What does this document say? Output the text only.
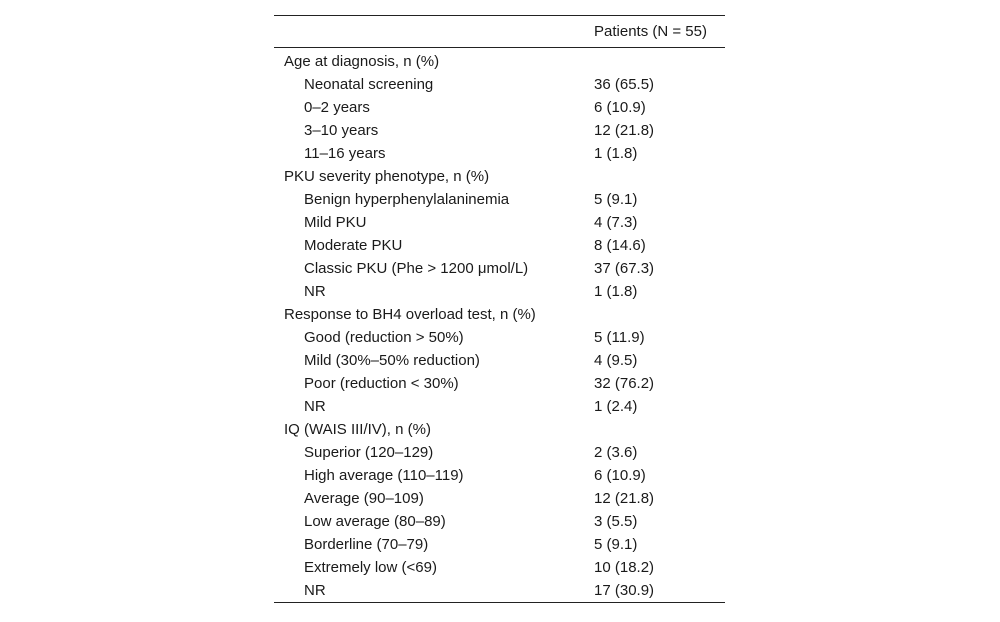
	Patients (N = 55)
Age at diagnosis, n (%)	
Neonatal screening	36 (65.5)
0–2 years	6 (10.9)
3–10 years	12 (21.8)
11–16 years	1 (1.8)
PKU severity phenotype, n (%)	
Benign hyperphenylalaninemia	5 (9.1)
Mild PKU	4 (7.3)
Moderate PKU	8 (14.6)
Classic PKU (Phe > 1200 μmol/L)	37 (67.3)
NR	1 (1.8)
Response to BH4 overload test, n (%)	
Good (reduction > 50%)	5 (11.9)
Mild (30%–50% reduction)	4 (9.5)
Poor (reduction < 30%)	32 (76.2)
NR	1 (2.4)
IQ (WAIS III/IV), n (%)	
Superior (120–129)	2 (3.6)
High average (110–119)	6 (10.9)
Average (90–109)	12 (21.8)
Low average (80–89)	3 (5.5)
Borderline (70–79)	5 (9.1)
Extremely low (<69)	10 (18.2)
NR	17 (30.9)
